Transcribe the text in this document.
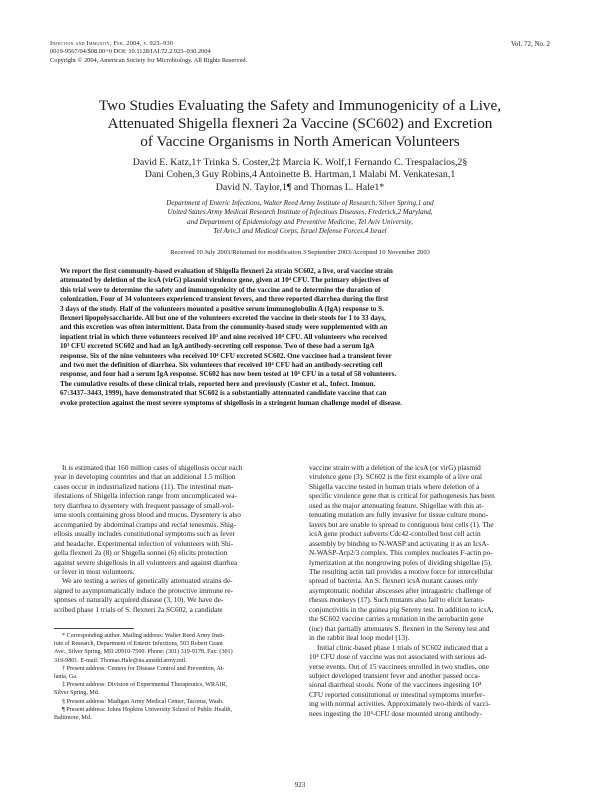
Infection and Immunity, Feb. 2004, p. 923–930
0019-9567/04/$08.00+0 DOI: 10.1128/IAI.72.2.923–930.2004
Copyright © 2004, American Society for Microbiology. All Rights Reserved.
Vol. 72, No. 2
Two Studies Evaluating the Safety and Immunogenicity of a Live,
Attenuated Shigella flexneri 2a Vaccine (SC602) and Excretion
of Vaccine Organisms in North American Volunteers
David E. Katz,1† Trinka S. Coster,2‡ Marcia K. Wolf,1 Fernando C. Trespalacios,2§
Dani Cohen,3 Guy Robins,4 Antoinette B. Hartman,1 Malabi M. Venkatesan,1
David N. Taylor,1¶ and Thomas L. Hale1*
Department of Enteric Infections, Walter Reed Army Institute of Research, Silver Spring,1 and
United States Army Medical Research Institute of Infectious Diseases, Frederick,2 Maryland,
and Department of Epidemiology and Preventive Medicine, Tel Aviv University,
Tel Aviv,3 and Medical Corps, Israel Defense Forces,4 Israel
Received 10 July 2003/Returned for modification 3 September 2003/Accepted 10 November 2003
We report the first community-based evaluation of Shigella flexneri 2a strain SC602, a live, oral vaccine strain
attenuated by deletion of the icsA (virG) plasmid virulence gene, given at 10⁴ CFU. The primary objectives of
this trial were to determine the safety and immunogenicity of the vaccine and to determine the duration of
colonization. Four of 34 volunteers experienced transient fevers, and three reported diarrhea during the first
3 days of the study. Half of the volunteers mounted a positive serum immunoglobulin A (IgA) response to S.
flexneri lipopolysaccharide. All but one of the volunteers excreted the vaccine in their stools for 1 to 33 days,
and this excretion was often intermittent. Data from the community-based study were supplemented with an
inpatient trial in which three volunteers received 10³ and nine received 10⁴ CFU. All volunteers who received
10³ CFU excreted SC602 and had an IgA antibody-secreting cell response. Two of these had a serum IgA
response. Six of the nine volunteers who received 10⁴ CFU excreted SC602. One vaccinee had a transient fever
and two met the definition of diarrhea. Six volunteers that received 10⁴ CFU had an antibody-secreting cell
response, and four had a serum IgA response. SC602 has now been tested at 10⁴ CFU in a total of 58 volunteers.
The cumulative results of these clinical trials, reported here and previously (Coster et al., Infect. Immun.
67:3437–3443, 1999), have demonstrated that SC602 is a substantially attenuated candidate vaccine that can
evoke protection against the most severe symptoms of shigellosis in a stringent human challenge model of disease.
It is estimated that 160 million cases of shigellosis occur each
year in developing countries and that an additional 1.5 million
cases occur in industrialized nations (11). The intestinal man-
ifestations of Shigella infection range from uncomplicated wa-
tery diarrhea to dysentery with frequent passage of small-vol-
ume stools containing gross blood and mucus. Dysentery is also
accompanied by abdominal cramps and rectal tenesmus. Shig-
ellosis usually includes constitutional symptoms such as fever
and headache. Experimental infection of volunteers with Shi-
gella flexneri 2a (8) or Shigella sonnei (6) elicits protection
against severe shigellosis in all volunteers and against diarrhea
or fever in most volunteers.
We are testing a series of genetically attenuated strains de-
signed to asymptomatically induce the protective immune re-
sponses of naturally acquired disease (3, 10). We have de-
scribed phase 1 trials of S. flexneri 2a SC602, a candidate
vaccine strain with a deletion of the icsA (or virG) plasmid
virulence gene (3). SC602 is the first example of a live oral
Shigella vaccine tested in human trials where deletion of a
specific virulence gene that is critical for pathogenesis has been
used as the major attenuating feature. Shigellae with this at-
tenuating mutation are fully invasive for tissue culture mono-
layers but are unable to spread to contiguous host cells (1). The
icsA gene product subverts Cdc42-contolled host cell actin
assembly by binding to N-WASP and activating it as an IcsA-
N-WASP-Arp2/3 complex. This complex nucleates F-actin po-
lymerization at the nongrowing poles of dividing shigellae (5).
The resulting actin tail provides a motive force for intercellular
spread of bacteria. An S. flexneri icsA mutant causes only
asymptomatic nodular abscesses after intragastric challenge of
rhesus monkeys (17). Such mutants also fail to elicit kerato-
conjunctivitis in the guinea pig Sereny test. In addition to icsA,
the SC602 vaccine carries a mutation in the aerobactin gene
(iuc) that partially attenuates S. flexneri in the Sereny test and
in the rabbit ileal loop model (13).
Initial clinic-based phase 1 trials of SC602 indicated that a
10⁴ CFU dose of vaccine was not associated with serious ad-
verse events. Out of 15 vaccinees enrolled in two studies, one
subject developed transient fever and another passed occa-
sional diarrheal stools. None of the vaccinees ingesting 10⁴
CFU reported constitutional or intestinal symptoms interfer-
ing with normal activities. Approximately two-thirds of vacci-
nees ingesting the 10⁴-CFU dose mounted strong antibody-
* Corresponding author. Mailing address: Walter Reed Army Insti-
tute of Research, Department of Enteric Infections, 503 Robert Grant
Ave., Silver Spring, MD 20910-7500. Phone: (301) 319-9178. Fax: (301)
319-9801. E-mail: Thomas.Hale@na.amedd.army.mil.
† Present address: Centers for Disease Control and Prevention, At-
lanta, Ga.
‡ Present address: Division of Experimental Therapeutics, WRAIR,
Silver Spring, Md.
§ Present address: Madigan Army Medical Center, Tacoma, Wash.
¶ Present address: Johns Hopkins University School of Public Health,
Baltimore, Md.
923
